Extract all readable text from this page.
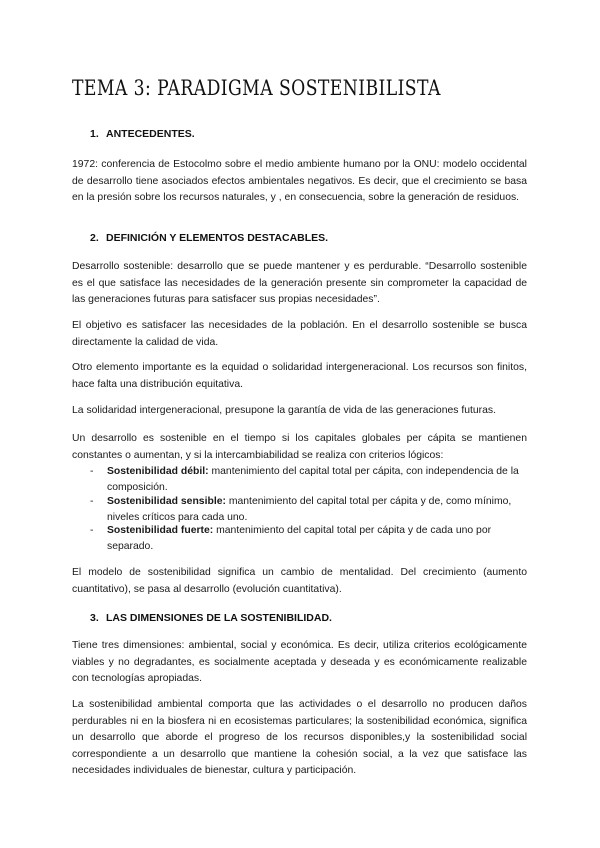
TEMA 3: PARADIGMA SOSTENIBILISTA
1. ANTECEDENTES.

1972: conferencia de Estocolmo sobre el medio ambiente humano por la ONU: modelo occidental de desarrollo tiene asociados efectos ambientales negativos. Es decir, que el crecimiento se basa en la presión sobre los recursos naturales, y , en consecuencia, sobre la generación de residuos.

2. DEFINICIÓN Y ELEMENTOS DESTACABLES.

Desarrollo sostenible: desarrollo que se puede mantener y es perdurable. “Desarrollo sostenible es el que satisface las necesidades de la generación presente sin comprometer la capacidad de las generaciones futuras para satisfacer sus propias necesidades”.

El objetivo es satisfacer las necesidades de la población. En el desarrollo sostenible se busca directamente la calidad de vida.

Otro elemento importante es la equidad o solidaridad intergeneracional. Los recursos son finitos, hace falta una distribución equitativa.

La solidaridad intergeneracional, presupone la garantía de vida de las generaciones futuras.

Un desarrollo es sostenible en el tiempo si los capitales globales per cápita se mantienen constantes o aumentan, y si la intercambiabilidad se realiza con criterios lógicos:

- Sostenibilidad débil: mantenimiento del capital total per cápita, con independencia de la composición.
- Sostenibilidad sensible: mantenimiento del capital total per cápita y de, como mínimo, niveles críticos para cada uno.
- Sostenibilidad fuerte: mantenimiento del capital total per cápita y de cada uno por separado.

El modelo de sostenibilidad significa un cambio de mentalidad. Del crecimiento (aumento cuantitativo), se pasa al desarrollo (evolución cuantitativa).

3. LAS DIMENSIONES DE LA SOSTENIBILIDAD.

Tiene tres dimensiones: ambiental, social y económica. Es decir, utiliza criterios ecológicamente viables y no degradantes, es socialmente aceptada y deseada y es económicamente realizable con tecnologías apropiadas.

La sostenibilidad ambiental comporta que las actividades o el desarrollo no producen daños perdurables ni en la biosfera ni en ecosistemas particulares; la sostenibilidad económica, significa un desarrollo que aborde el progreso de los recursos disponibles,y la sostenibilidad social correspondiente a un desarrollo que mantiene la cohesión social, a la vez que satisface las necesidades individuales de bienestar, cultura y participación.
